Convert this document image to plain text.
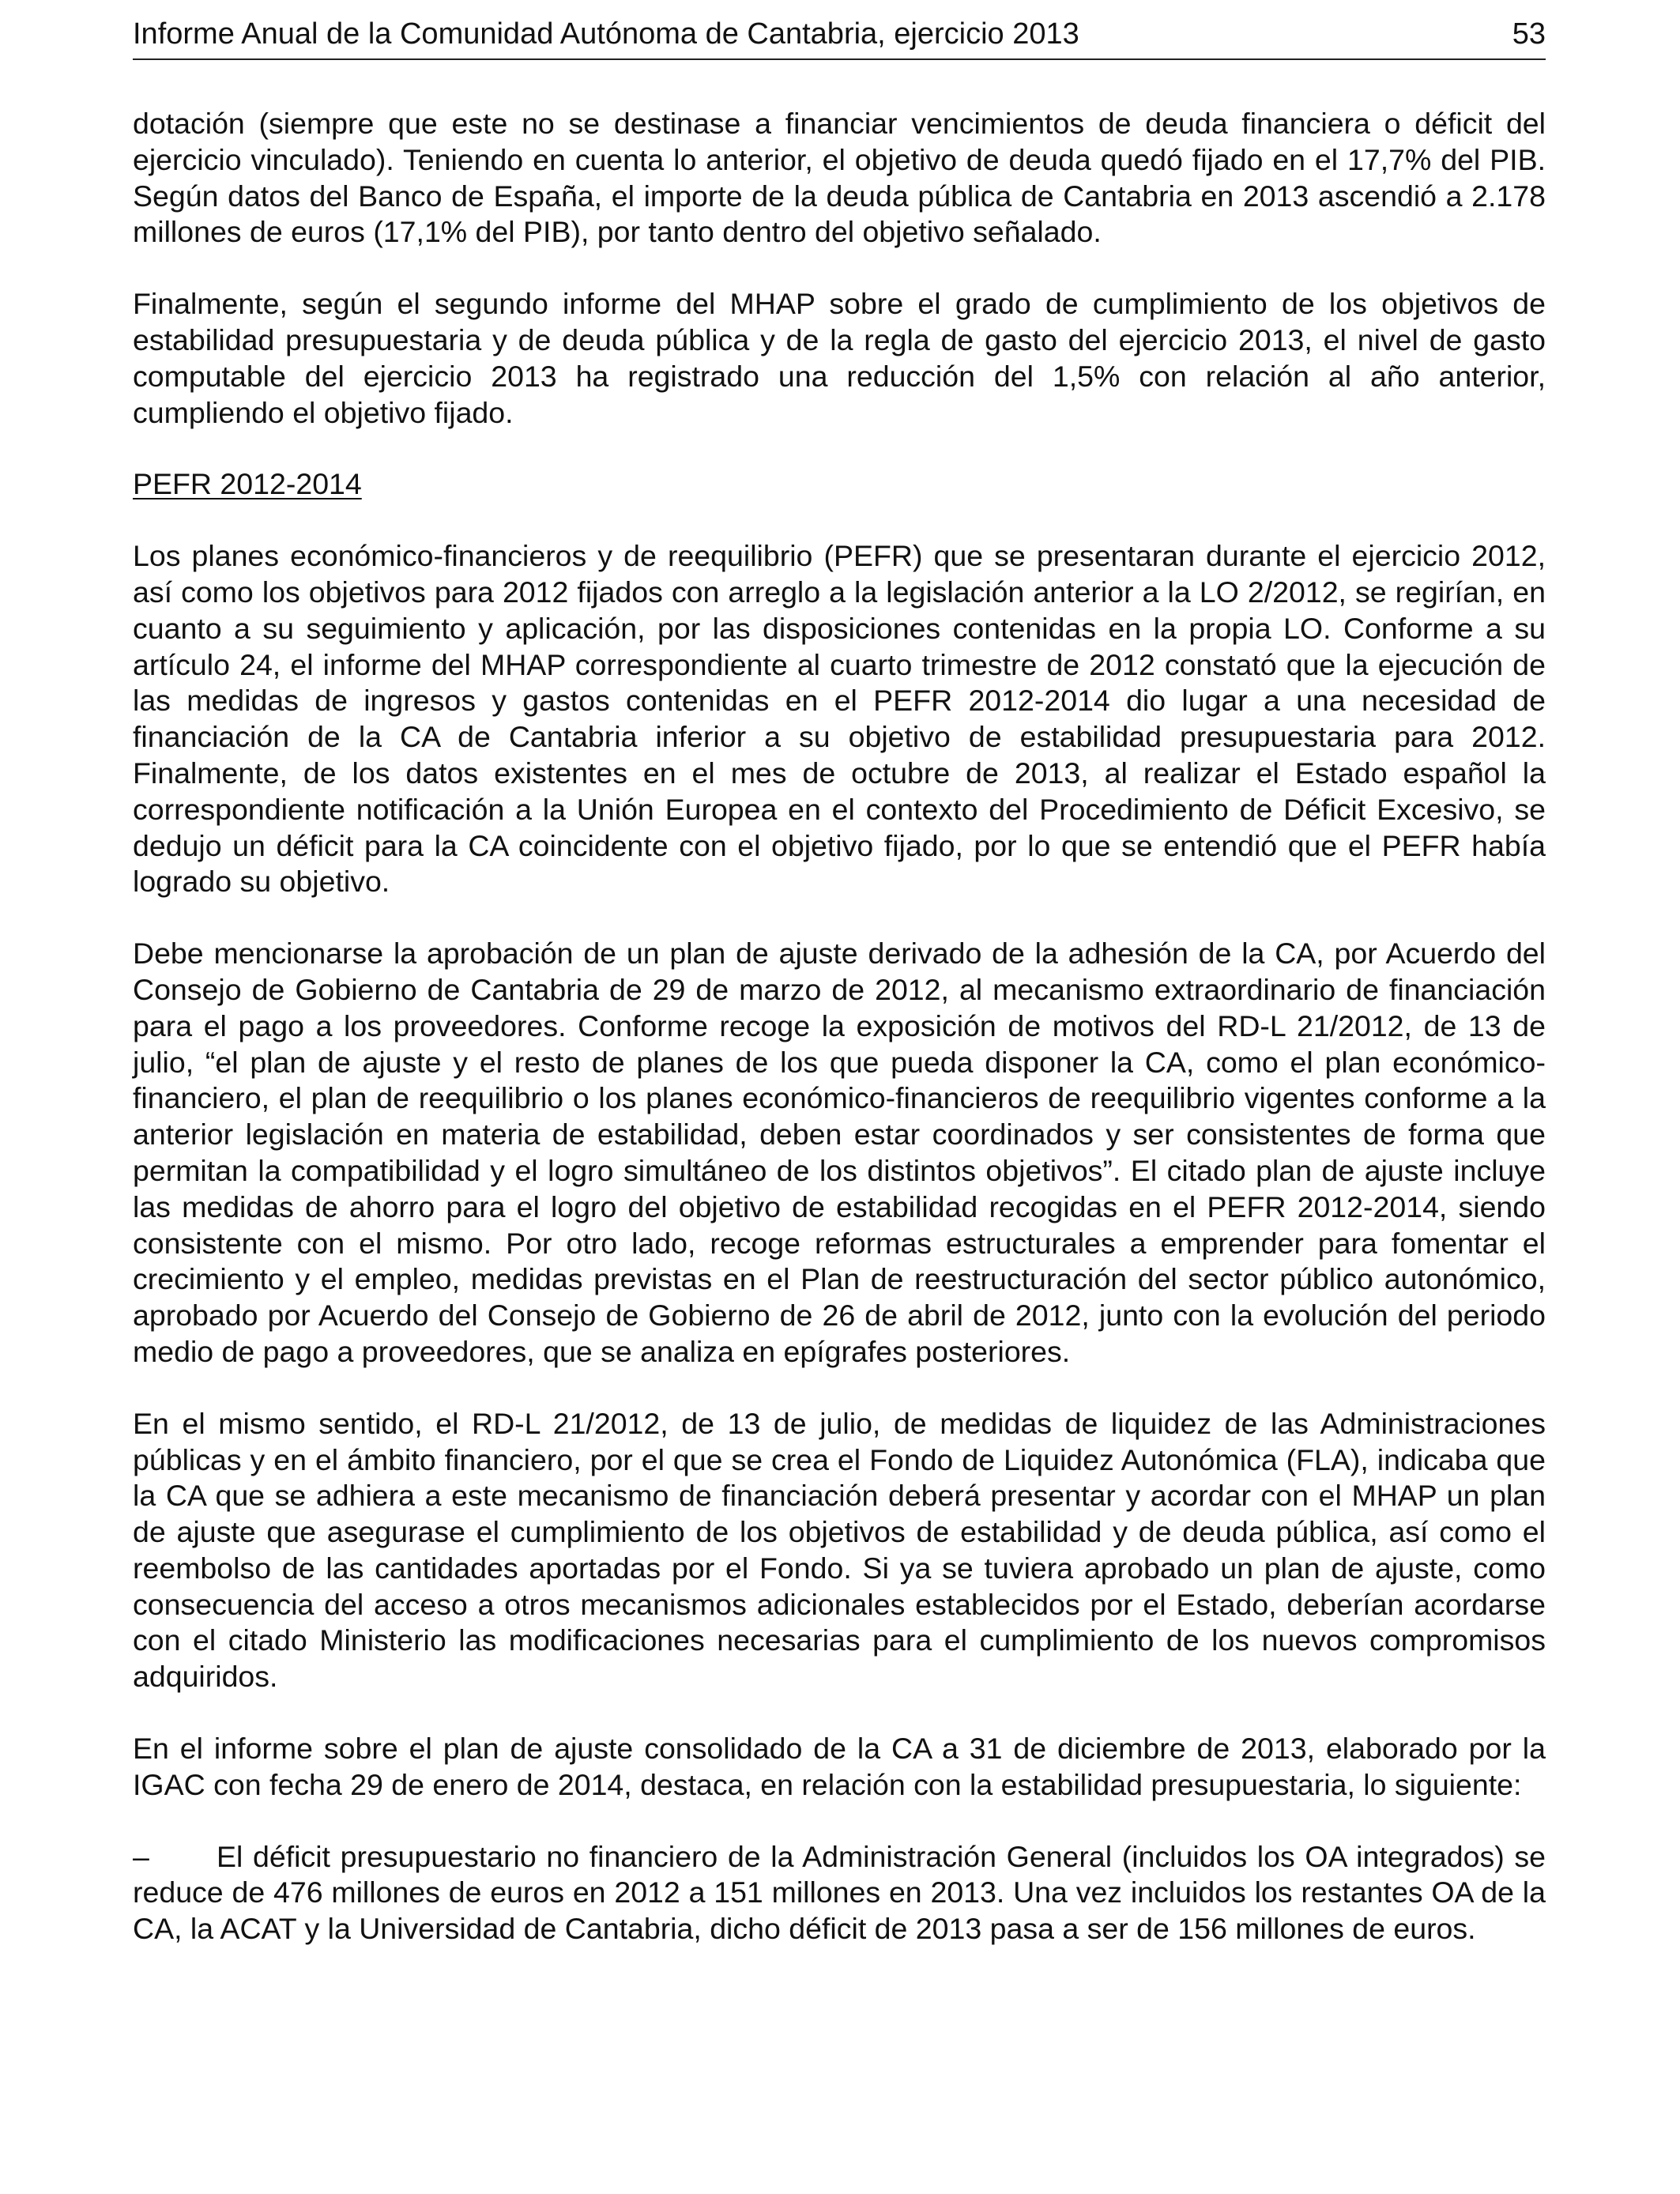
Informe Anual de la Comunidad Autónoma de Cantabria, ejercicio 2013	53

dotación (siempre que este no se destinase a financiar vencimientos de deuda financiera o déficit del ejercicio vinculado). Teniendo en cuenta lo anterior, el objetivo de deuda quedó fijado en el 17,7% del PIB. Según datos del Banco de España, el importe de la deuda pública de Cantabria en 2013 ascendió a 2.178 millones de euros (17,1% del PIB), por tanto dentro del objetivo señalado.

Finalmente, según el segundo informe del MHAP sobre el grado de cumplimiento de los objetivos de estabilidad presupuestaria y de deuda pública y de la regla de gasto del ejercicio 2013, el nivel de gasto computable del ejercicio 2013 ha registrado una reducción del 1,5% con relación al año anterior, cumpliendo el objetivo fijado.

PEFR 2012-2014

Los planes económico-financieros y de reequilibrio (PEFR) que se presentaran durante el ejercicio 2012, así como los objetivos para 2012 fijados con arreglo a la legislación anterior a la LO 2/2012, se regirían, en cuanto a su seguimiento y aplicación, por las disposiciones contenidas en la propia LO. Conforme a su artículo 24, el informe del MHAP correspondiente al cuarto trimestre de 2012 constató que la ejecución de las medidas de ingresos y gastos contenidas en el PEFR 2012-2014 dio lugar a una necesidad de financiación de la CA de Cantabria inferior a su objetivo de estabilidad presupuestaria para 2012. Finalmente, de los datos existentes en el mes de octubre de 2013, al realizar el Estado español la correspondiente notificación a la Unión Europea en el contexto del Procedimiento de Déficit Excesivo, se dedujo un déficit para la CA coincidente con el objetivo fijado, por lo que se entendió que el PEFR había logrado su objetivo.

Debe mencionarse la aprobación de un plan de ajuste derivado de la adhesión de la CA, por Acuerdo del Consejo de Gobierno de Cantabria de 29 de marzo de 2012, al mecanismo extraordinario de financiación para el pago a los proveedores. Conforme recoge la exposición de motivos del RD-L 21/2012, de 13 de julio, “el plan de ajuste y el resto de planes de los que pueda disponer la CA, como el plan económico-financiero, el plan de reequilibrio o los planes económico-financieros de reequilibrio vigentes conforme a la anterior legislación en materia de estabilidad, deben estar coordinados y ser consistentes de forma que permitan la compatibilidad y el logro simultáneo de los distintos objetivos”. El citado plan de ajuste incluye las medidas de ahorro para el logro del objetivo de estabilidad recogidas en el PEFR 2012-2014, siendo consistente con el mismo. Por otro lado, recoge reformas estructurales a emprender para fomentar el crecimiento y el empleo, medidas previstas en el Plan de reestructuración del sector público autonómico, aprobado por Acuerdo del Consejo de Gobierno de 26 de abril de 2012, junto con la evolución del periodo medio de pago a proveedores, que se analiza en epígrafes posteriores.

En el mismo sentido, el RD-L 21/2012, de 13 de julio, de medidas de liquidez de las Administraciones públicas y en el ámbito financiero, por el que se crea el Fondo de Liquidez Autonómica (FLA), indicaba que la CA que se adhiera a este mecanismo de financiación deberá presentar y acordar con el MHAP un plan de ajuste que asegurase el cumplimiento de los objetivos de estabilidad y de deuda pública, así como el reembolso de las cantidades aportadas por el Fondo. Si ya se tuviera aprobado un plan de ajuste, como consecuencia del acceso a otros mecanismos adicionales establecidos por el Estado, deberían acordarse con el citado Ministerio las modificaciones necesarias para el cumplimiento de los nuevos compromisos adquiridos.

En el informe sobre el plan de ajuste consolidado de la CA a 31 de diciembre de 2013, elaborado por la IGAC con fecha 29 de enero de 2014, destaca, en relación con la estabilidad presupuestaria, lo siguiente:

– El déficit presupuestario no financiero de la Administración General (incluidos los OA integrados) se reduce de 476 millones de euros en 2012 a 151 millones en 2013. Una vez incluidos los restantes OA de la CA, la ACAT y la Universidad de Cantabria, dicho déficit de 2013 pasa a ser de 156 millones de euros.
